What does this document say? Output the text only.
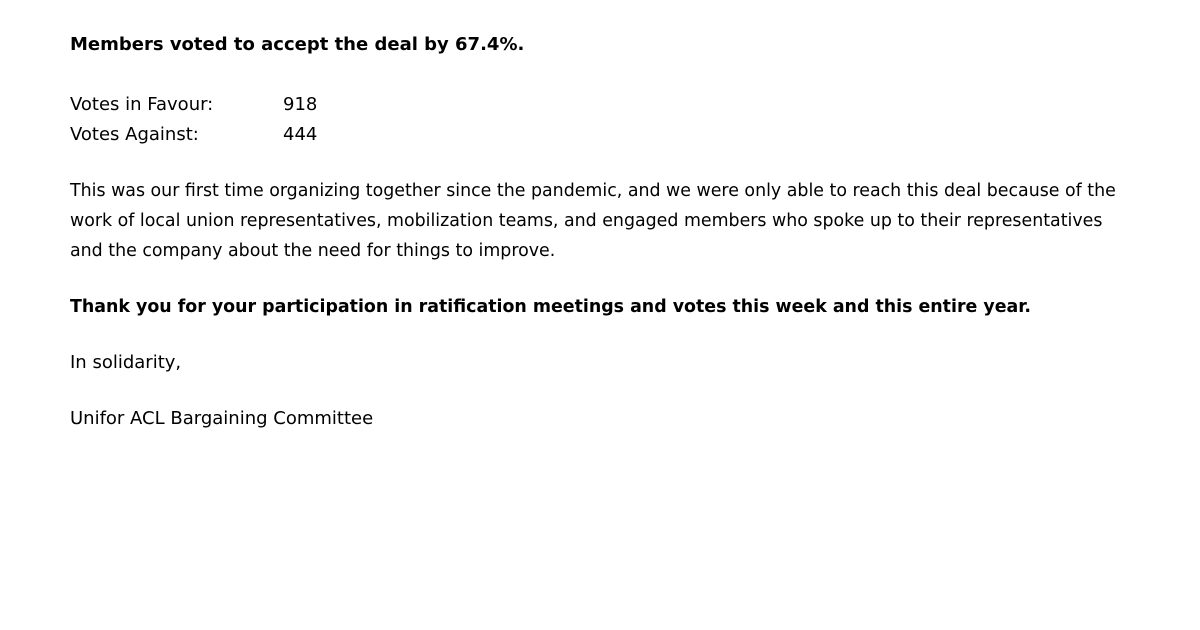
Members voted to accept the deal by 67.4%.

Votes in Favour:	918
Votes Against:	444

This was our first time organizing together since the pandemic, and we were only able to reach this deal because of the work of local union representatives, mobilization teams, and engaged members who spoke up to their representatives and the company about the need for things to improve.

Thank you for your participation in ratification meetings and votes this week and this entire year.

In solidarity,

Unifor ACL Bargaining Committee
